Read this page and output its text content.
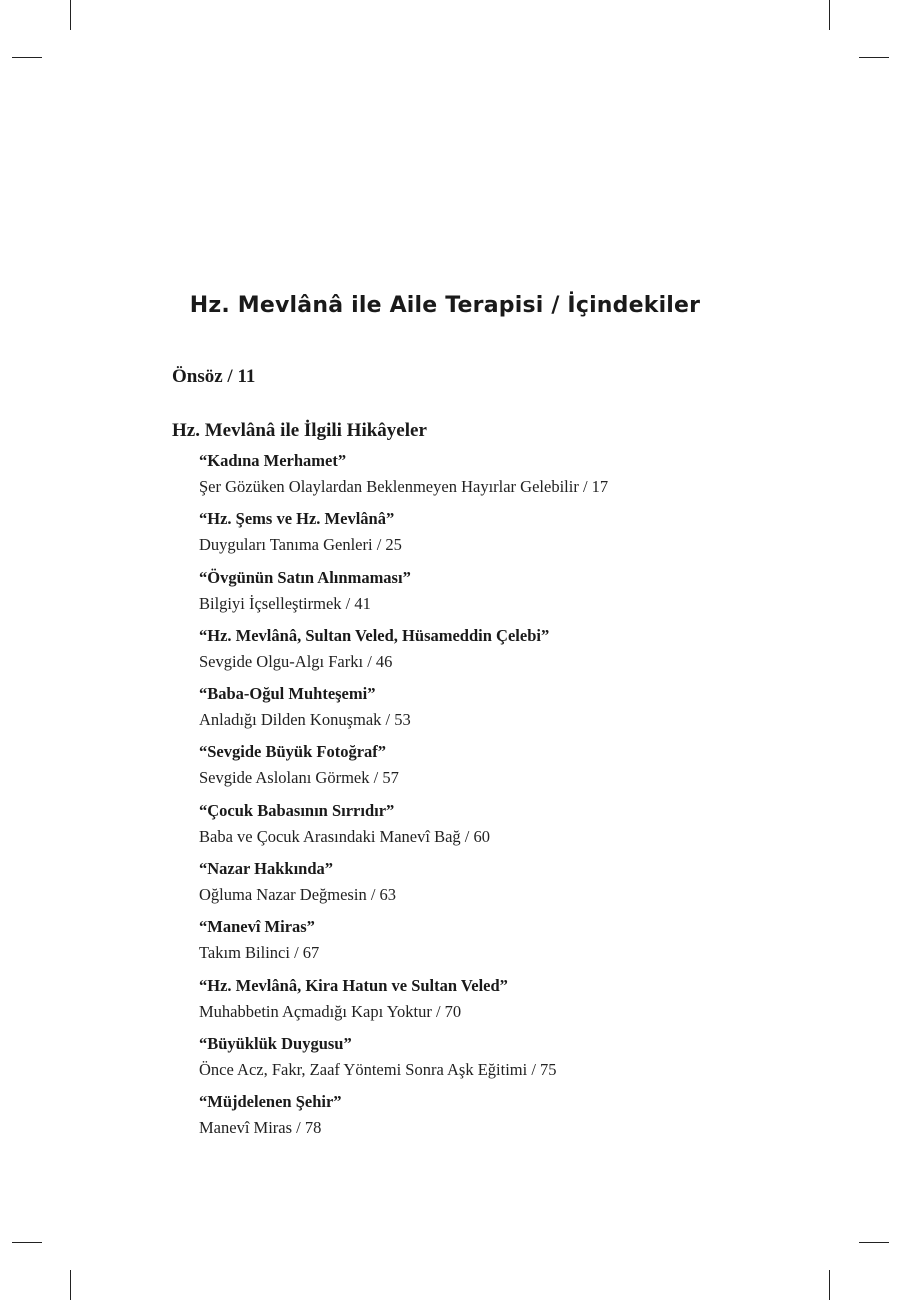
Hz. Mevlânâ ile Aile Terapisi / İçindekiler

Önsöz / 11

Hz. Mevlânâ ile İlgili Hikâyeler
“Kadına Merhamet”
Şer Gözüken Olaylardan Beklenmeyen Hayırlar Gelebilir / 17
“Hz. Şems ve Hz. Mevlânâ”
Duyguları Tanıma Genleri / 25
“Övgünün Satın Alınmaması”
Bilgiyi İçselleştirmek / 41
“Hz. Mevlânâ, Sultan Veled, Hüsameddin Çelebi”
Sevgide Olgu-Algı Farkı / 46
“Baba-Oğul Muhteşemi”
Anladığı Dilden Konuşmak / 53
“Sevgide Büyük Fotoğraf”
Sevgide Aslolanı Görmek / 57
“Çocuk Babasının Sırrıdır”
Baba ve Çocuk Arasındaki Manevî Bağ / 60
“Nazar Hakkında”
Oğluma Nazar Değmesin / 63
“Manevî Miras”
Takım Bilinci / 67
“Hz. Mevlânâ, Kira Hatun ve Sultan Veled”
Muhabbetin Açmadığı Kapı Yoktur / 70
“Büyüklük Duygusu”
Önce Acz, Fakr, Zaaf Yöntemi Sonra Aşk Eğitimi / 75
“Müjdelenen Şehir”
Manevî Miras / 78
